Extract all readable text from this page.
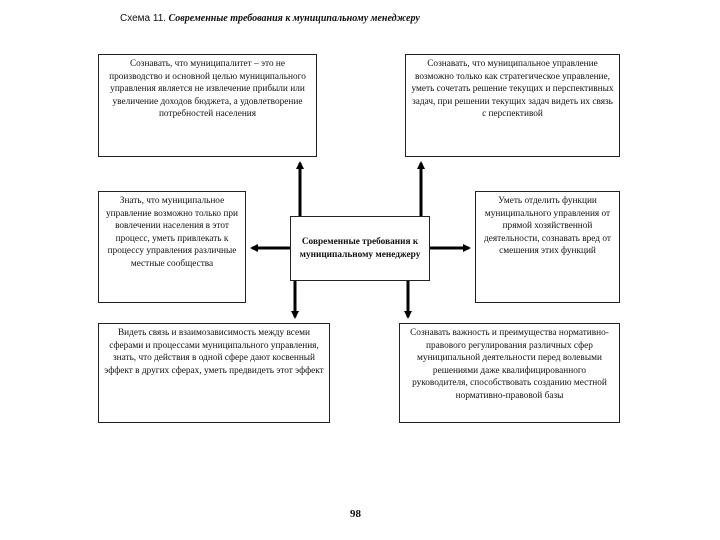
Схема 11. Современные требования к муниципальному менеджеру
Сознавать, что муниципалитет – это не производство и основной целью муниципального управления является не извлечение прибыли или увеличение доходов бюджета, а удовлетворение потребностей населения
Сознавать, что муниципальное управление возможно только как стратегическое управление, уметь сочетать решение текущих и перспективных задач, при решении текущих задач видеть их связь с перспективой
Знать, что муниципальное управление возможно только при вовлечении населения в этот процесс, уметь привлекать к процессу управления различные местные сообщества
Современные требования к муниципальному менеджеру
Уметь отделить функции муниципального управления от прямой хозяйственной деятельности, сознавать вред от смешения этих функций
Видеть связь и взаимозависимость между всеми сферами и процессами муниципального управления, знать, что действия в одной сфере дают косвенный эффект в других сферах, уметь предвидеть этот эффект
Сознавать важность и преимущества нормативно-правового регулирования различных сфер муниципальной деятельности перед волевыми решениями даже квалифицированного руководителя, способствовать созданию местной нормативно-правовой базы
98
